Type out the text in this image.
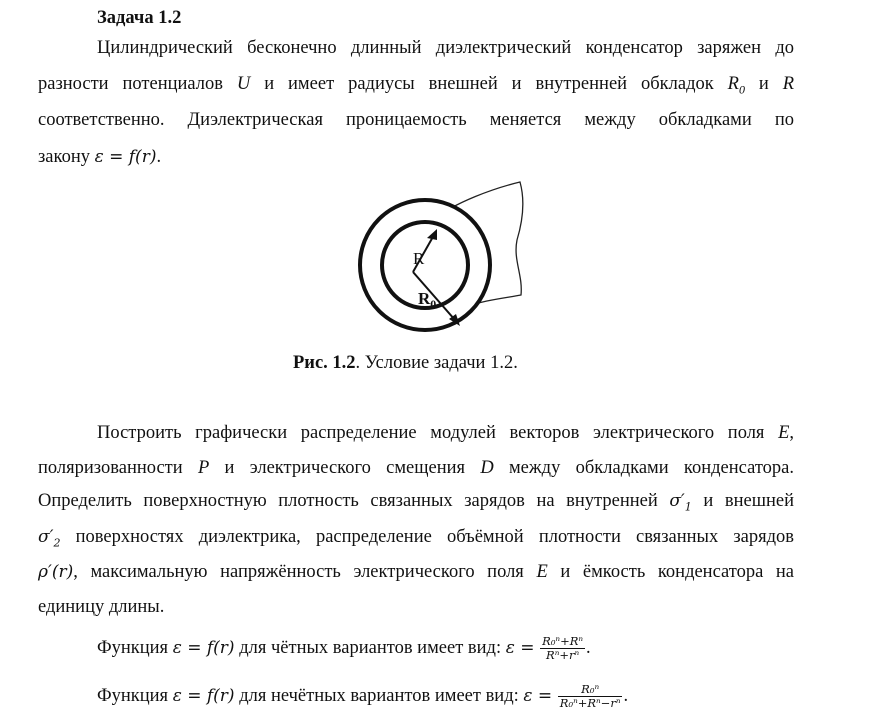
Задача 1.2
Цилиндрический бесконечно длинный диэлектрический конденсатор заряжен до
разности потенциалов U и имеет радиусы внешней и внутренней обкладок $R_0$ и R
соответственно. Диэлектрическая проницаемость меняется между обкладками по
закону ε = f(r).
R
$R_0$
Рис. 1.2. Условие задачи 1.2.
Построить графически распределение модулей векторов электрического поля E,
поляризованности P и электрического смещения D между обкладками конденсатора.
Определить поверхностную плотность связанных зарядов на внутренней $\sigma'_1$ и внешней
$\sigma'_2$ поверхностях диэлектрика, распределение объёмной плотности связанных зарядов
ρ′(r), максимальную напряжённость электрического поля E и ёмкость конденсатора на
единицу длины.
Функция ε = f(r) для чётных вариантов имеет вид: $\varepsilon = \frac{\text{R₀ⁿ+Rⁿ}}{\text{Rⁿ+rⁿ}}$ .
Функция ε = f(r) для нечётных вариантов имеет вид: $\varepsilon = \frac{\text{R₀ⁿ}}{\text{R₀ⁿ+Rⁿ−rⁿ}}$ .
